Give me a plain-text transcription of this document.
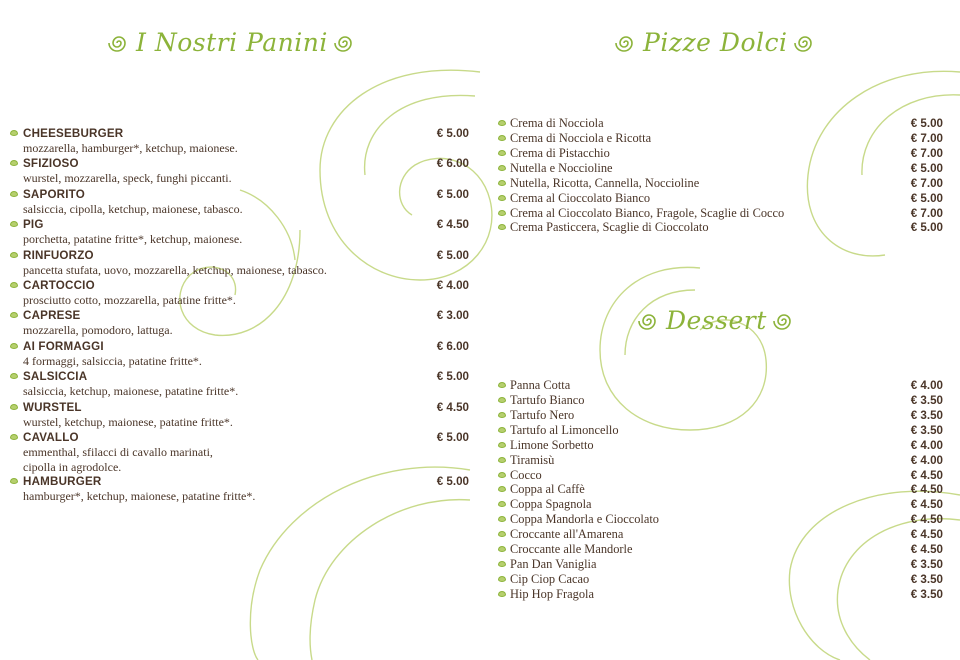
I Nostri Panini
CHEESEBURGER
mozzarella, hamburger*, ketchup, maionese.
€ 5.00
SFIZIOSO
wurstel, mozzarella, speck, funghi piccanti.
€ 6.00
SAPORITO
salsiccia, cipolla, ketchup, maionese, tabasco.
€ 5.00
PIG
porchetta, patatine fritte*, ketchup, maionese.
€ 4.50
RINFUORZO
pancetta stufata, uovo, mozzarella, ketchup, maionese, tabasco.
€ 5.00
CARTOCCIO
prosciutto cotto, mozzarella, patatine fritte*.
€ 4.00
CAPRESE
mozzarella, pomodoro, lattuga.
€ 3.00
AI FORMAGGI
4 formaggi, salsiccia, patatine fritte*.
€ 6.00
SALSICCIA
salsiccia, ketchup, maionese, patatine fritte*.
€ 5.00
WURSTEL
wurstel, ketchup, maionese, patatine fritte*.
€ 4.50
CAVALLO
emmenthal, sfilacci di cavallo marinati,
cipolla in agrodolce.
€ 5.00
HAMBURGER
hamburger*, ketchup, maionese, patatine fritte*.
€ 5.00
Pizze Dolci
Crema di Nocciola	€ 5.00
Crema di Nocciola e Ricotta	€ 7.00
Crema di Pistacchio	€ 7.00
Nutella e Noccioline	€ 5.00
Nutella, Ricotta, Cannella, Noccioline	€ 7.00
Crema al Cioccolato Bianco	€ 5.00
Crema al Cioccolato Bianco, Fragole, Scaglie di Cocco	€ 7.00
Crema Pasticcera, Scaglie di Cioccolato	€ 5.00
Dessert
Panna Cotta	€ 4.00
Tartufo Bianco	€ 3.50
Tartufo Nero	€ 3.50
Tartufo al Limoncello	€ 3.50
Limone Sorbetto	€ 4.00
Tiramisù	€ 4.00
Cocco	€ 4.50
Coppa al Caffè	€ 4.50
Coppa Spagnola	€ 4.50
Coppa Mandorla e Cioccolato	€ 4.50
Croccante all'Amarena	€ 4.50
Croccante alle Mandorle	€ 4.50
Pan Dan Vaniglia	€ 3.50
Cip Ciop Cacao	€ 3.50
Hip Hop Fragola	€ 3.50
